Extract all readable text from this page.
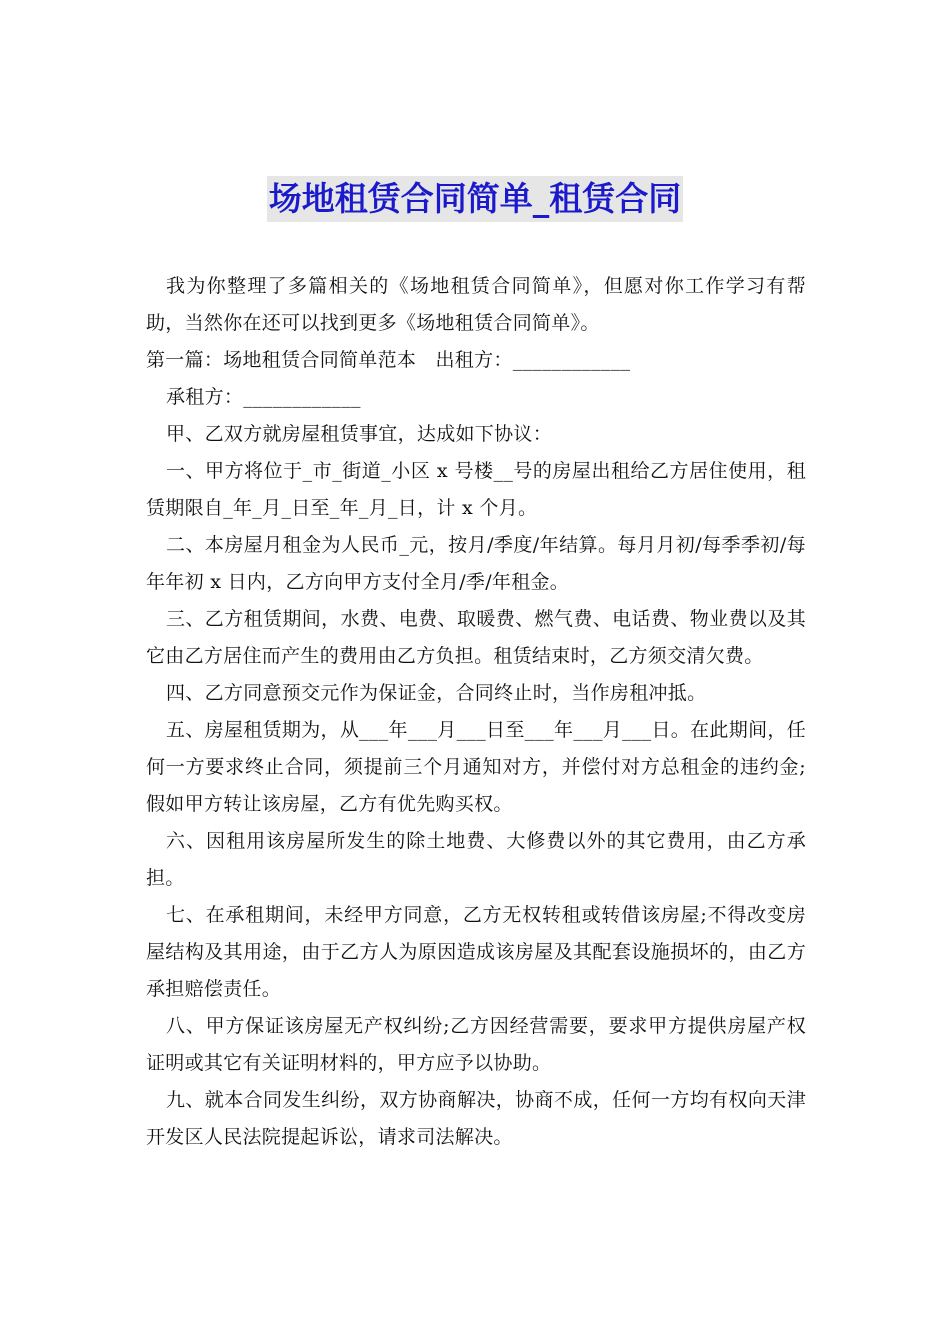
场地租赁合同简单_租赁合同

我为你整理了多篇相关的《场地租赁合同简单》，但愿对你工作学习有帮助，当然你在还可以找到更多《场地租赁合同简单》。

第一篇：场地租赁合同简单范本　出租方：____________

承租方：____________

甲、乙双方就房屋租赁事宜，达成如下协议：

一、甲方将位于_市_街道_小区 x 号楼__号的房屋出租给乙方居住使用，租赁期限自_年_月_日至_年_月_日，计 x 个月。

二、本房屋月租金为人民币_元，按月/季度/年结算。每月月初/每季季初/每年年初 x 日内，乙方向甲方支付全月/季/年租金。

三、乙方租赁期间，水费、电费、取暖费、燃气费、电话费、物业费以及其它由乙方居住而产生的费用由乙方负担。租赁结束时，乙方须交清欠费。

四、乙方同意预交元作为保证金，合同终止时，当作房租冲抵。

五、房屋租赁期为，从___年___月___日至___年___月___日。在此期间，任何一方要求终止合同，须提前三个月通知对方，并偿付对方总租金的违约金;假如甲方转让该房屋，乙方有优先购买权。

六、因租用该房屋所发生的除土地费、大修费以外的其它费用，由乙方承担。

七、在承租期间，未经甲方同意，乙方无权转租或转借该房屋;不得改变房屋结构及其用途，由于乙方人为原因造成该房屋及其配套设施损坏的，由乙方承担赔偿责任。

八、甲方保证该房屋无产权纠纷;乙方因经营需要，要求甲方提供房屋产权证明或其它有关证明材料的，甲方应予以协助。

九、就本合同发生纠纷，双方协商解决，协商不成，任何一方均有权向天津开发区人民法院提起诉讼，请求司法解决。
